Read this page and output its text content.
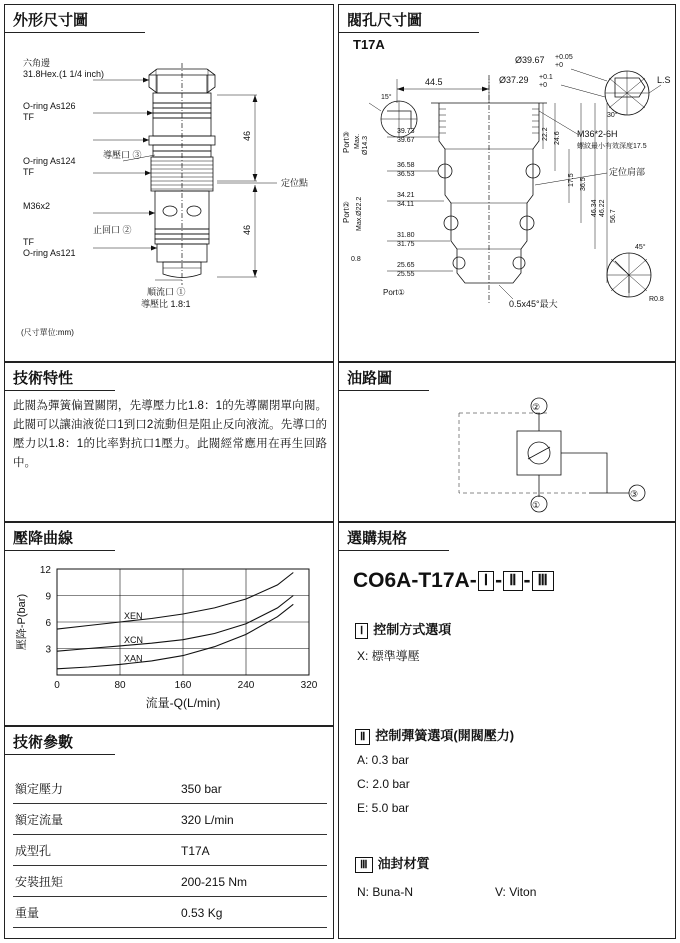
外形尺寸圖
六角邊
31.8Hex.(1 1/4 inch)
O-ring As126
TF
導壓口 ③
O-ring As124
TF
M36x2
止回口 ②
TF
O-ring As121
順流口 ①
導壓比 1.8:1
定位點
46
46
(尺寸單位:mm)
閥孔尺寸圖
T17A
Ø39.67 +0.05
+0
Ø37.29 +0.1
+0
L.S
30°
M36*2-6H
螺紋最小有效深度17.5
定位肩部
44.5
15°
Port③ Max. Ø14.3
Port② Max.Ø22.2
0.8
Port①
39.73
39.67
36.58
36.53
34.21
34.11
31.80
31.75
25.65
25.55
22.2 24.6
17.5 36.5
46.34 46.22 56.7
0.5x45°最大
45°
R0.8
技術特性
此閥為彈簧偏置關閉，先導壓力比1.8：1的先導關閉單向閥。此閥可以讓油液從口1到口2流動但是阻止反向液流。先導口的壓力以1.8：1的比率對抗口1壓力。此閥經常應用在再生回路中。
油路圖
②
①
③
壓降曲線
0	80	160	240	320
3
6
9
12
XEN
XCN
XAN
流量-Q(L/min)
壓降-P(bar)
技術參數
額定壓力	350 bar
額定流量	320 L/min
成型孔	T17A
安裝扭矩	200-215 Nm
重量	0.53 Kg
選購規格
CO6A-T17A- Ⅰ - Ⅱ - Ⅲ
Ⅰ 控制方式選項
X: 標準導壓
Ⅱ 控制彈簧選項(開閥壓力)
A: 0.3 bar
C: 2.0 bar
E: 5.0 bar
Ⅲ 油封材質
N: Buna-N	V: Viton
